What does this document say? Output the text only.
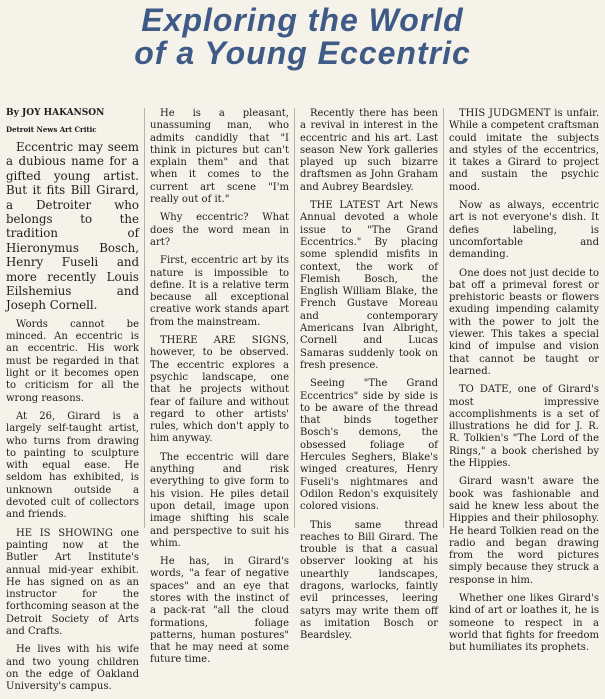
Exploring the World
of a Young Eccentric

By JOY HAKANSON

Detroit News Art Critic

Eccentric may seem a dubious name for a gifted young artist. But it fits Bill Girard, a Detroiter who belongs to the tradition of Hieronymus Bosch, Henry Fuseli and more recently Louis Eilshemius and Joseph Cornell.

Words cannot be minced. An eccentric is an eccentric. His work must be regarded in that light or it becomes open to criticism for all the wrong reasons.

At 26, Girard is a largely self-taught artist, who turns from drawing to painting to sculpture with equal ease. He seldom has exhibited, is unknown outside a devoted cult of collectors and friends.

HE IS SHOWING one painting now at the Butler Art Institute's annual mid-year exhibit. He has signed on as an instructor for the forthcoming season at the Detroit Society of Arts and Crafts.

He lives with his wife and two young children on the edge of Oakland University's campus.

He is a pleasant, unassuming man, who admits candidly that "I think in pictures but can't explain them" and that when it comes to the current art scene "I'm really out of it."

Why eccentric? What does the word mean in art?

First, eccentric art by its nature is impossible to define. It is a relative term because all exceptional creative work stands apart from the mainstream.

THERE ARE SIGNS, however, to be observed. The eccentric explores a psychic landscape, one that he projects without fear of failure and without regard to other artists' rules, which don't apply to him anyway.

The eccentric will dare anything and risk everything to give form to his vision. He piles detail upon detail, image upon image shifting his scale and perspective to suit his whim.

He has, in Girard's words, "a fear of negative spaces" and an eye that stores with the instinct of a pack-rat "all the cloud formations, foliage patterns, human postures" that he may need at some future time.

Recently there has been a revival in interest in the eccentric and his art. Last season New York galleries played up such bizarre draftsmen as John Graham and Aubrey Beardsley.

THE LATEST Art News Annual devoted a whole issue to "The Grand Eccentrics." By placing some splendid misfits in context, the work of Flemish Bosch, the English William Blake, the French Gustave Moreau and contemporary Americans Ivan Albright, Cornell and Lucas Samaras suddenly took on fresh presence.

Seeing "The Grand Eccentrics" side by side is to be aware of the thread that binds together Bosch's demons, the obsessed foliage of Hercules Seghers, Blake's winged creatures, Henry Fuseli's nightmares and Odilon Redon's exquisitely colored visions.

This same thread reaches to Bill Girard. The trouble is that a casual observer looking at his unearthly landscapes, dragons, warlocks, faintly evil princesses, leering satyrs may write them off as imitation Bosch or Beardsley.

THIS JUDGMENT is unfair. While a competent craftsman could imitate the subjects and styles of the eccentrics, it takes a Girard to project and sustain the psychic mood.

Now as always, eccentric art is not everyone's dish. It defies labeling, is uncomfortable and demanding.

One does not just decide to bat off a primeval forest or prehistoric beasts or flowers exuding impending calamity with the power to jolt the viewer. This takes a special kind of impulse and vision that cannot be taught or learned.

TO DATE, one of Girard's most impressive accomplishments is a set of illustrations he did for J. R. R. Tolkien's "The Lord of the Rings," a book cherished by the Hippies.

Girard wasn't aware the book was fashionable and said he knew less about the Hippies and their philosophy. He heard Tolkien read on the radio and began drawing from the word pictures simply because they struck a response in him.

Whether one likes Girard's kind of art or loathes it, he is someone to respect in a world that fights for freedom but humiliates its prophets.
